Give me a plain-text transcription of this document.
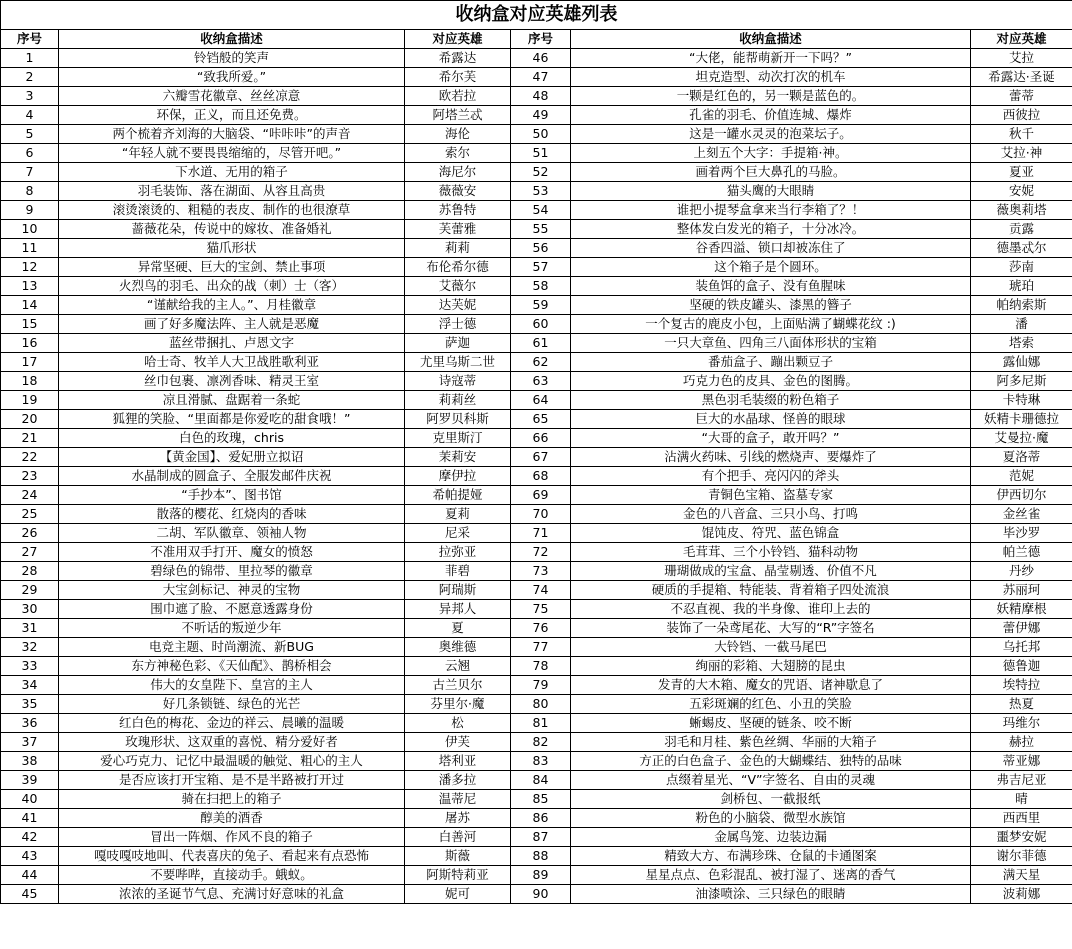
收纳盒对应英雄列表					
序号	收纳盒描述	对应英雄	序号	收纳盒描述	对应英雄
1	铃铛般的笑声	希露达	46	“大佬，能帮萌新开一下吗？”	艾拉
2	“致我所爱。”	希尔芙	47	坦克造型、动次打次的机车	希露达·圣诞
3	六瓣雪花徽章、丝丝凉意	欧若拉	48	一颗是红色的，另一颗是蓝色的。	蕾蒂
4	环保，正义，而且还免费。	阿塔兰忒	49	孔雀的羽毛、价值连城、爆炸	西彼拉
5	两个梳着齐刘海的大脑袋、“咔咔咔”的声音	海伦	50	这是一罐水灵灵的泡菜坛子。	秋千
6	“年轻人就不要畏畏缩缩的，尽管开吧。”	索尔	51	上刻五个大字：手提箱·神。	艾拉·神
7	下水道、无用的箱子	海尼尔	52	画着两个巨大鼻孔的马脸。	夏亚
8	羽毛装饰、落在湖面、从容且高贵	薇薇安	53	猫头鹰的大眼睛	安妮
9	滚烫滚烫的、粗糙的表皮、制作的也很潦草	苏鲁特	54	谁把小提琴盒拿来当行李箱了？！	薇奥莉塔
10	蔷薇花朵，传说中的嫁妆、准备婚礼	芙蕾雅	55	整体发白发光的箱子，十分冰冷。	贡露
11	猫爪形状	莉莉	56	谷香四溢、锁口却被冻住了	德墨忒尔
12	异常坚硬、巨大的宝剑、禁止事项	布伦希尔德	57	这个箱子是个圆环。	莎南
13	火烈鸟的羽毛、出众的战（刺）士（客）	艾薇尔	58	装鱼饵的盒子、没有鱼腥味	琥珀
14	“谨献给我的主人。”、月桂徽章	达芙妮	59	坚硬的铁皮罐头、漆黑的簪子	帕纳索斯
15	画了好多魔法阵、主人就是恶魔	浮士德	60	一个复古的鹿皮小包，上面贴满了蝴蝶花纹 :)	潘
16	蓝丝带捆扎、卢恩文字	萨迦	61	一只大章鱼、四角三八面体形状的宝箱	塔索
17	哈士奇、牧羊人大卫战胜歌利亚	尤里乌斯二世	62	番茄盒子、蹦出颗豆子	露仙娜
18	丝巾包裹、凛冽香味、精灵王室	诗寇蒂	63	巧克力色的皮具、金色的图腾。	阿多尼斯
19	凉且滑腻、盘踞着一条蛇	莉莉丝	64	黑色羽毛装缀的粉色箱子	卡特琳
20	狐狸的笑脸、“里面都是你爱吃的甜食哦！”	阿罗贝科斯	65	巨大的水晶球、怪兽的眼球	妖精卡珊德拉
21	白色的玫瑰，chris	克里斯汀	66	“大哥的盒子，敢开吗？”	艾曼拉·魔
22	【黄金国】、爱妃册立拟诏	茉莉安	67	沾满火药味、引线的燃烧声、要爆炸了	夏洛蒂
23	水晶制成的圆盒子、全服发邮件庆祝	摩伊拉	68	有个把手、亮闪闪的斧头	范妮
24	“手抄本”、图书馆	希帕提娅	69	青铜色宝箱、盗墓专家	伊西切尔
25	散落的樱花、红烧肉的香味	夏莉	70	金色的八音盒、三只小鸟、打鸣	金丝雀
26	二胡、军队徽章、领袖人物	尼采	71	馄饨皮、符咒、蓝色锦盒	毕沙罗
27	不准用双手打开、魔女的愤怒	拉弥亚	72	毛茸茸、三个小铃铛、猫科动物	帕兰德
28	碧绿色的锦带、里拉琴的徽章	菲碧	73	珊瑚做成的宝盒、晶莹剔透、价值不凡	丹纱
29	大宝剑标记、神灵的宝物	阿瑞斯	74	硬质的手提箱、特能装、背着箱子四处流浪	苏丽珂
30	围巾遮了脸、不愿意透露身份	异邦人	75	不忍直视、我的半身像、谁印上去的	妖精摩根
31	不听话的叛逆少年	夏	76	装饰了一朵鸢尾花、大写的“R”字签名	蕾伊娜
32	电竞主题、时尚潮流、新BUG	奥维德	77	大铃铛、一截马尾巴	乌托邦
33	东方神秘色彩、《天仙配》、鹊桥相会	云翘	78	绚丽的彩箱、大翅膀的昆虫	德鲁迦
34	伟大的女皇陛下、皇宫的主人	古兰贝尔	79	发青的大木箱、魔女的咒语、诸神歇息了	埃特拉
35	好几条锁链、绿色的光芒	芬里尔·魔	80	五彩斑斓的红色、小丑的笑脸	热夏
36	红白色的梅花、金边的祥云、晨曦的温暖	松	81	蜥蜴皮、坚硬的链条、咬不断	玛维尔
37	玫瑰形状、这双重的喜悦、精分爱好者	伊芙	82	羽毛和月桂、紫色丝绸、华丽的大箱子	赫拉
38	爱心巧克力、记忆中最温暖的触觉、粗心的主人	塔利亚	83	方正的白色盒子、金色的大蝴蝶结、独特的品味	蒂亚娜
39	是否应该打开宝箱、是不是半路被打开过	潘多拉	84	点缀着星光、“V”字签名、自由的灵魂	弗吉尼亚
40	骑在扫把上的箱子	温蒂尼	85	剑桥包、一截报纸	晴
41	醇美的酒香	屠苏	86	粉色的小脑袋、微型水族馆	西西里
42	冒出一阵烟、作风不良的箱子	白善河	87	金属鸟笼、边装边漏	噩梦安妮
43	嘎吱嘎吱地叫、代表喜庆的兔子、看起来有点恐怖	斯薇	88	精致大方、布满珍珠、仓鼠的卡通图案	谢尔菲德
44	不要哔哔，直接动手。蛾蚁。	阿斯特莉亚	89	星星点点、色彩混乱、被打湿了、迷离的香气	满天星
45	浓浓的圣诞节气息、充满讨好意味的礼盒	妮可	90	油漆喷涂、三只绿色的眼睛	波莉娜
